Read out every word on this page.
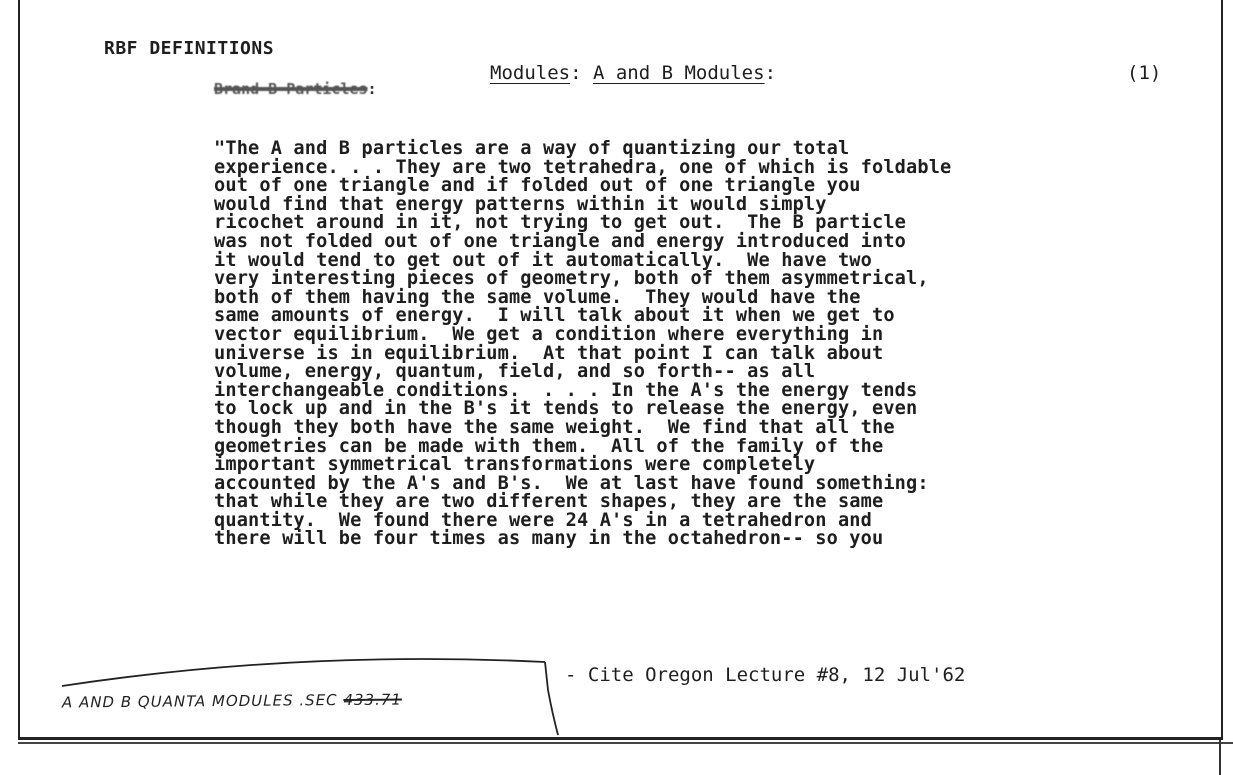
RBF DEFINITIONS
Brand B Particles:
Modules: A and B Modules:	(1)
"The A and B particles are a way of quantizing our total
experience. . . They are two tetrahedra, one of which is foldable
out of one triangle and if folded out of one triangle you
would find that energy patterns within it would simply
ricochet around in it, not trying to get out.  The B particle
was not folded out of one triangle and energy introduced into
it would tend to get out of it automatically.  We have two
very interesting pieces of geometry, both of them asymmetrical,
both of them having the same volume.  They would have the
same amounts of energy.  I will talk about it when we get to
vector equilibrium.  We get a condition where everything in
universe is in equilibrium.  At that point I can talk about
volume, energy, quantum, field, and so forth-- as all
interchangeable conditions.  . . . In the A's the energy tends
to lock up and in the B's it tends to release the energy, even
though they both have the same weight.  We find that all the
geometries can be made with them.  All of the family of the
important symmetrical transformations were completely
accounted by the A's and B's.  We at last have found something:
that while they are two different shapes, they are the same
quantity.  We found there were 24 A's in a tetrahedron and
there will be four times as many in the octahedron-- so you
- Cite Oregon Lecture #8, 12 Jul'62
A AND B QUANTA MODULES .SEC 433.71
